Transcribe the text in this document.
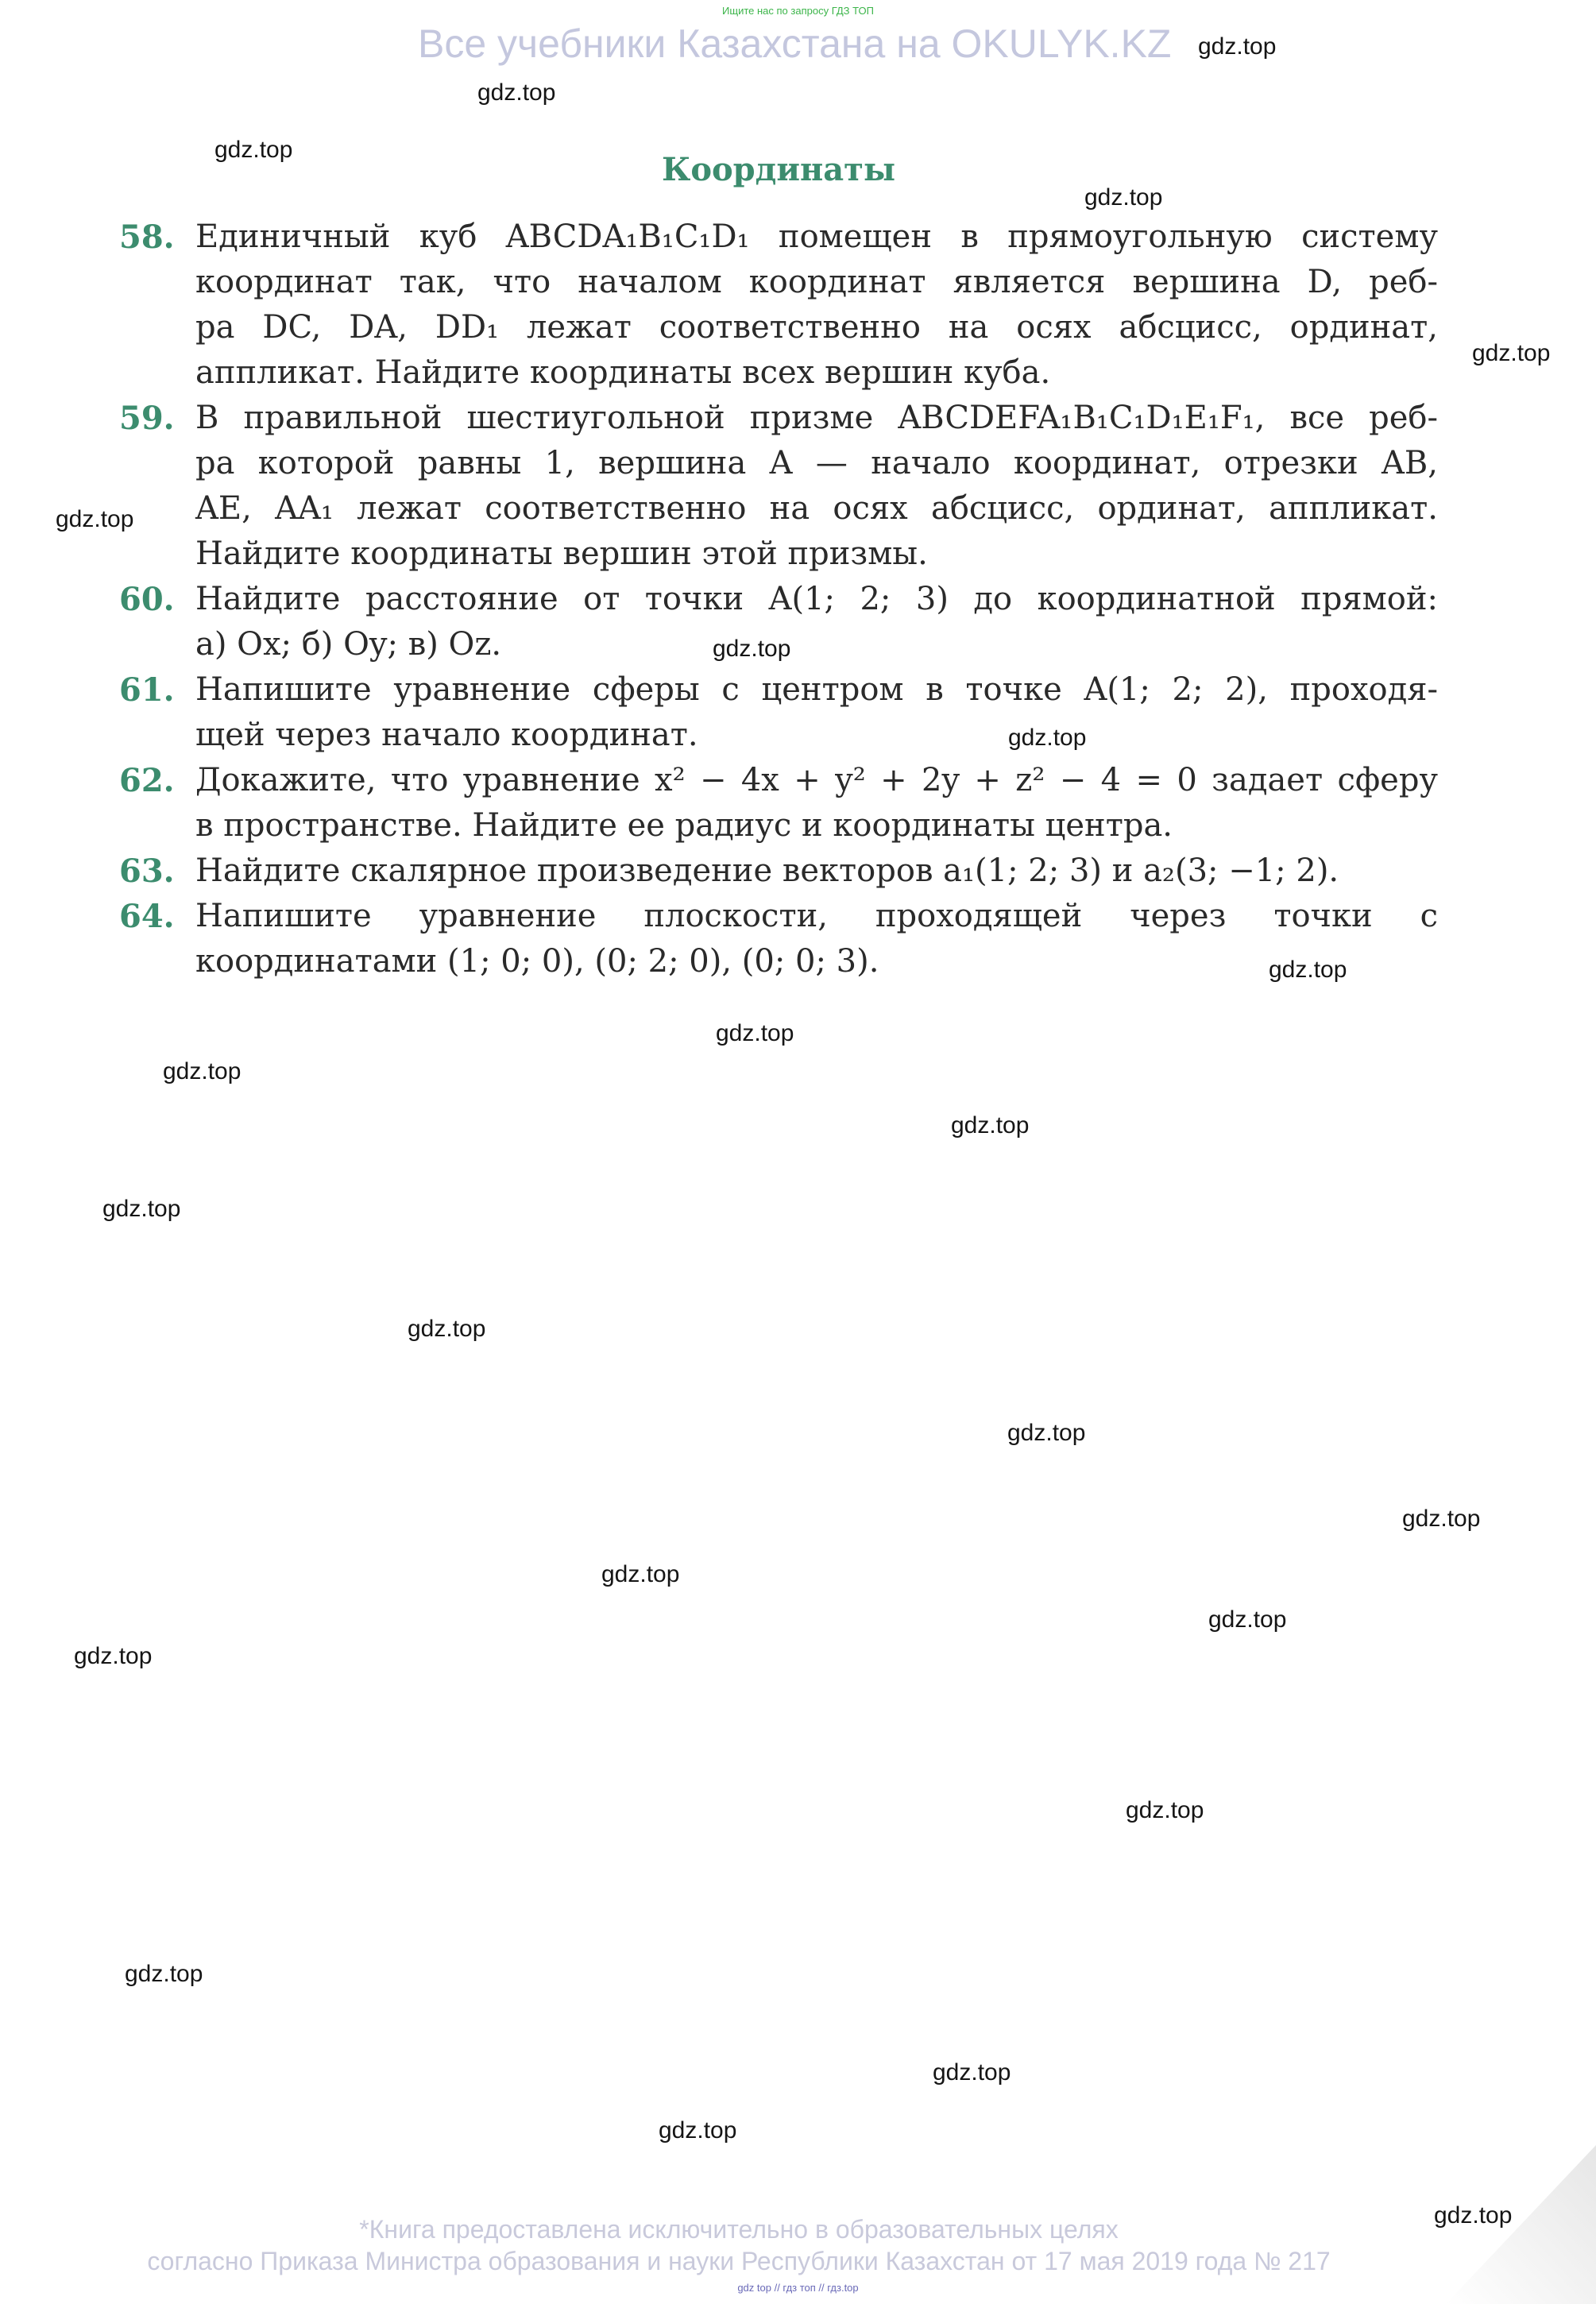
Ищите нас по запросу ГДЗ ТОП
Все учебники Казахстана на OKULYK.KZ gdz.top
gdz.top
gdz.top
gdz.top
gdz.top
gdz.top
gdz.top
gdz.top
gdz.top
gdz.top
gdz.top
gdz.top
gdz.top
gdz.top
gdz.top
gdz.top
gdz.top
gdz.top
gdz.top
gdz.top
gdz.top
gdz.top
gdz.top
gdz.top
Координаты
58. Единичный куб ABCDA₁B₁C₁D₁ помещен в прямоугольную систему
координат так, что началом координат является вершина D, реб-
ра DC, DA, DD₁ лежат соответственно на осях абсцисс, ординат,
аппликат. Найдите координаты всех вершин куба.
59. В правильной шестиугольной призме ABCDEFA₁B₁C₁D₁E₁F₁, все реб-
ра которой равны 1, вершина A — начало координат, отрезки AB,
AE, AA₁ лежат соответственно на осях абсцисс, ординат, аппликат.
Найдите координаты вершин этой призмы.
60. Найдите расстояние от точки A(1; 2; 3) до координатной прямой:
а) Ox; б) Oy; в) Oz.
61. Напишите уравнение сферы с центром в точке A(1; 2; 2), проходя-
щей через начало координат.
62. Докажите, что уравнение x² − 4x + y² + 2y + z² − 4 = 0 задает сферу
в пространстве. Найдите ее радиус и координаты центра.
63. Найдите скалярное произведение векторов a₁(1; 2; 3) и a₂(3; −1; 2).
64. Напишите уравнение плоскости, проходящей через точки с
координатами (1; 0; 0), (0; 2; 0), (0; 0; 3).
*Книга предоставлена исключительно в образовательных целях
согласно Приказа Министра образования и науки Республики Казахстан от 17 мая 2019 года № 217
gdz top // гдз топ // гдз.top
